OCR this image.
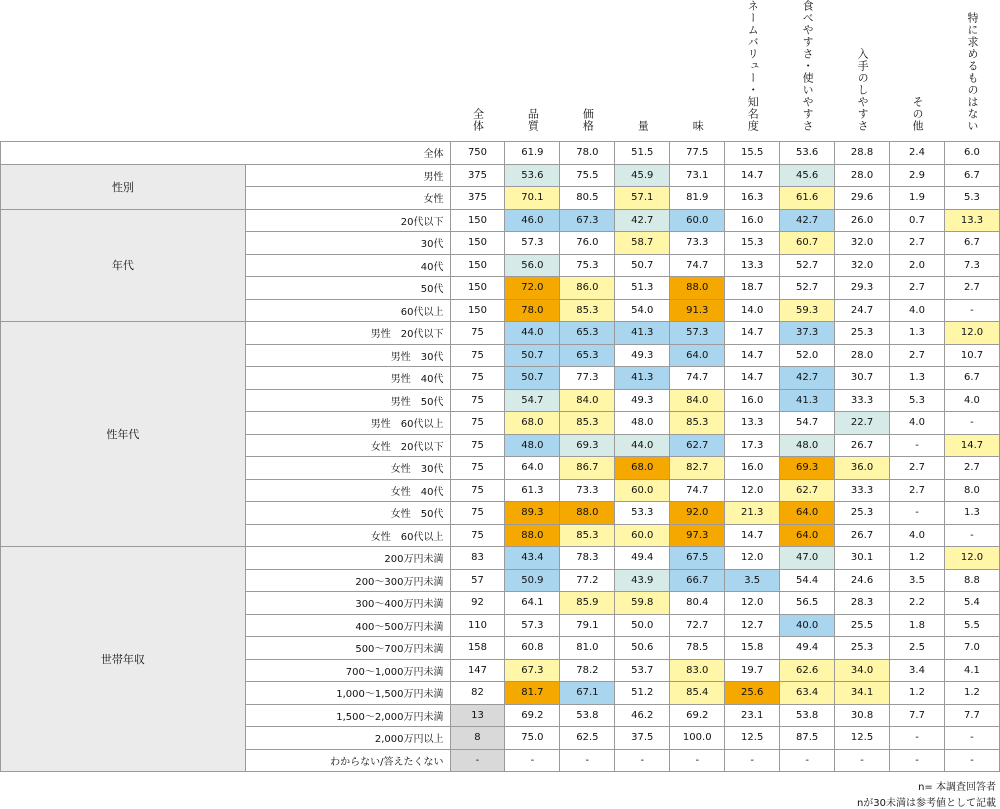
		全体	品質	価格	量	味	ネームバリュー・知名度	食べやすさ・使いやすさ	入手のしやすさ	その他	特に求めるものはない
全体		750	61.9	78.0	51.5	77.5	15.5	53.6	28.8	2.4	6.0
性別	男性	375	53.6	75.5	45.9	73.1	14.7	45.6	28.0	2.9	6.7
	女性	375	70.1	80.5	57.1	81.9	16.3	61.6	29.6	1.9	5.3
年代	20代以下	150	46.0	67.3	42.7	60.0	16.0	42.7	26.0	0.7	13.3
	30代	150	57.3	76.0	58.7	73.3	15.3	60.7	32.0	2.7	6.7
	40代	150	56.0	75.3	50.7	74.7	13.3	52.7	32.0	2.0	7.3
	50代	150	72.0	86.0	51.3	88.0	18.7	52.7	29.3	2.7	2.7
	60代以上	150	78.0	85.3	54.0	91.3	14.0	59.3	24.7	4.0	-
性年代	男性　20代以下	75	44.0	65.3	41.3	57.3	14.7	37.3	25.3	1.3	12.0
	男性　30代	75	50.7	65.3	49.3	64.0	14.7	52.0	28.0	2.7	10.7
	男性　40代	75	50.7	77.3	41.3	74.7	14.7	42.7	30.7	1.3	6.7
	男性　50代	75	54.7	84.0	49.3	84.0	16.0	41.3	33.3	5.3	4.0
	男性　60代以上	75	68.0	85.3	48.0	85.3	13.3	54.7	22.7	4.0	-
	女性　20代以下	75	48.0	69.3	44.0	62.7	17.3	48.0	26.7	-	14.7
	女性　30代	75	64.0	86.7	68.0	82.7	16.0	69.3	36.0	2.7	2.7
	女性　40代	75	61.3	73.3	60.0	74.7	12.0	62.7	33.3	2.7	8.0
	女性　50代	75	89.3	88.0	53.3	92.0	21.3	64.0	25.3	-	1.3
	女性　60代以上	75	88.0	85.3	60.0	97.3	14.7	64.0	26.7	4.0	-
世帯年収	200万円未満	83	43.4	78.3	49.4	67.5	12.0	47.0	30.1	1.2	12.0
	200～300万円未満	57	50.9	77.2	43.9	66.7	3.5	54.4	24.6	3.5	8.8
	300～400万円未満	92	64.1	85.9	59.8	80.4	12.0	56.5	28.3	2.2	5.4
	400～500万円未満	110	57.3	79.1	50.0	72.7	12.7	40.0	25.5	1.8	5.5
	500～700万円未満	158	60.8	81.0	50.6	78.5	15.8	49.4	25.3	2.5	7.0
	700～1,000万円未満	147	67.3	78.2	53.7	83.0	19.7	62.6	34.0	3.4	4.1
	1,000～1,500万円未満	82	81.7	67.1	51.2	85.4	25.6	63.4	34.1	1.2	1.2
	1,500～2,000万円未満	13	69.2	53.8	46.2	69.2	23.1	53.8	30.8	7.7	7.7
	2,000万円以上	8	75.0	62.5	37.5	100.0	12.5	87.5	12.5	-	-
	わからない/答えたくない	-	-	-	-	-	-	-	-	-	-
n= 本調査回答者
nが30未満は参考値として記載
